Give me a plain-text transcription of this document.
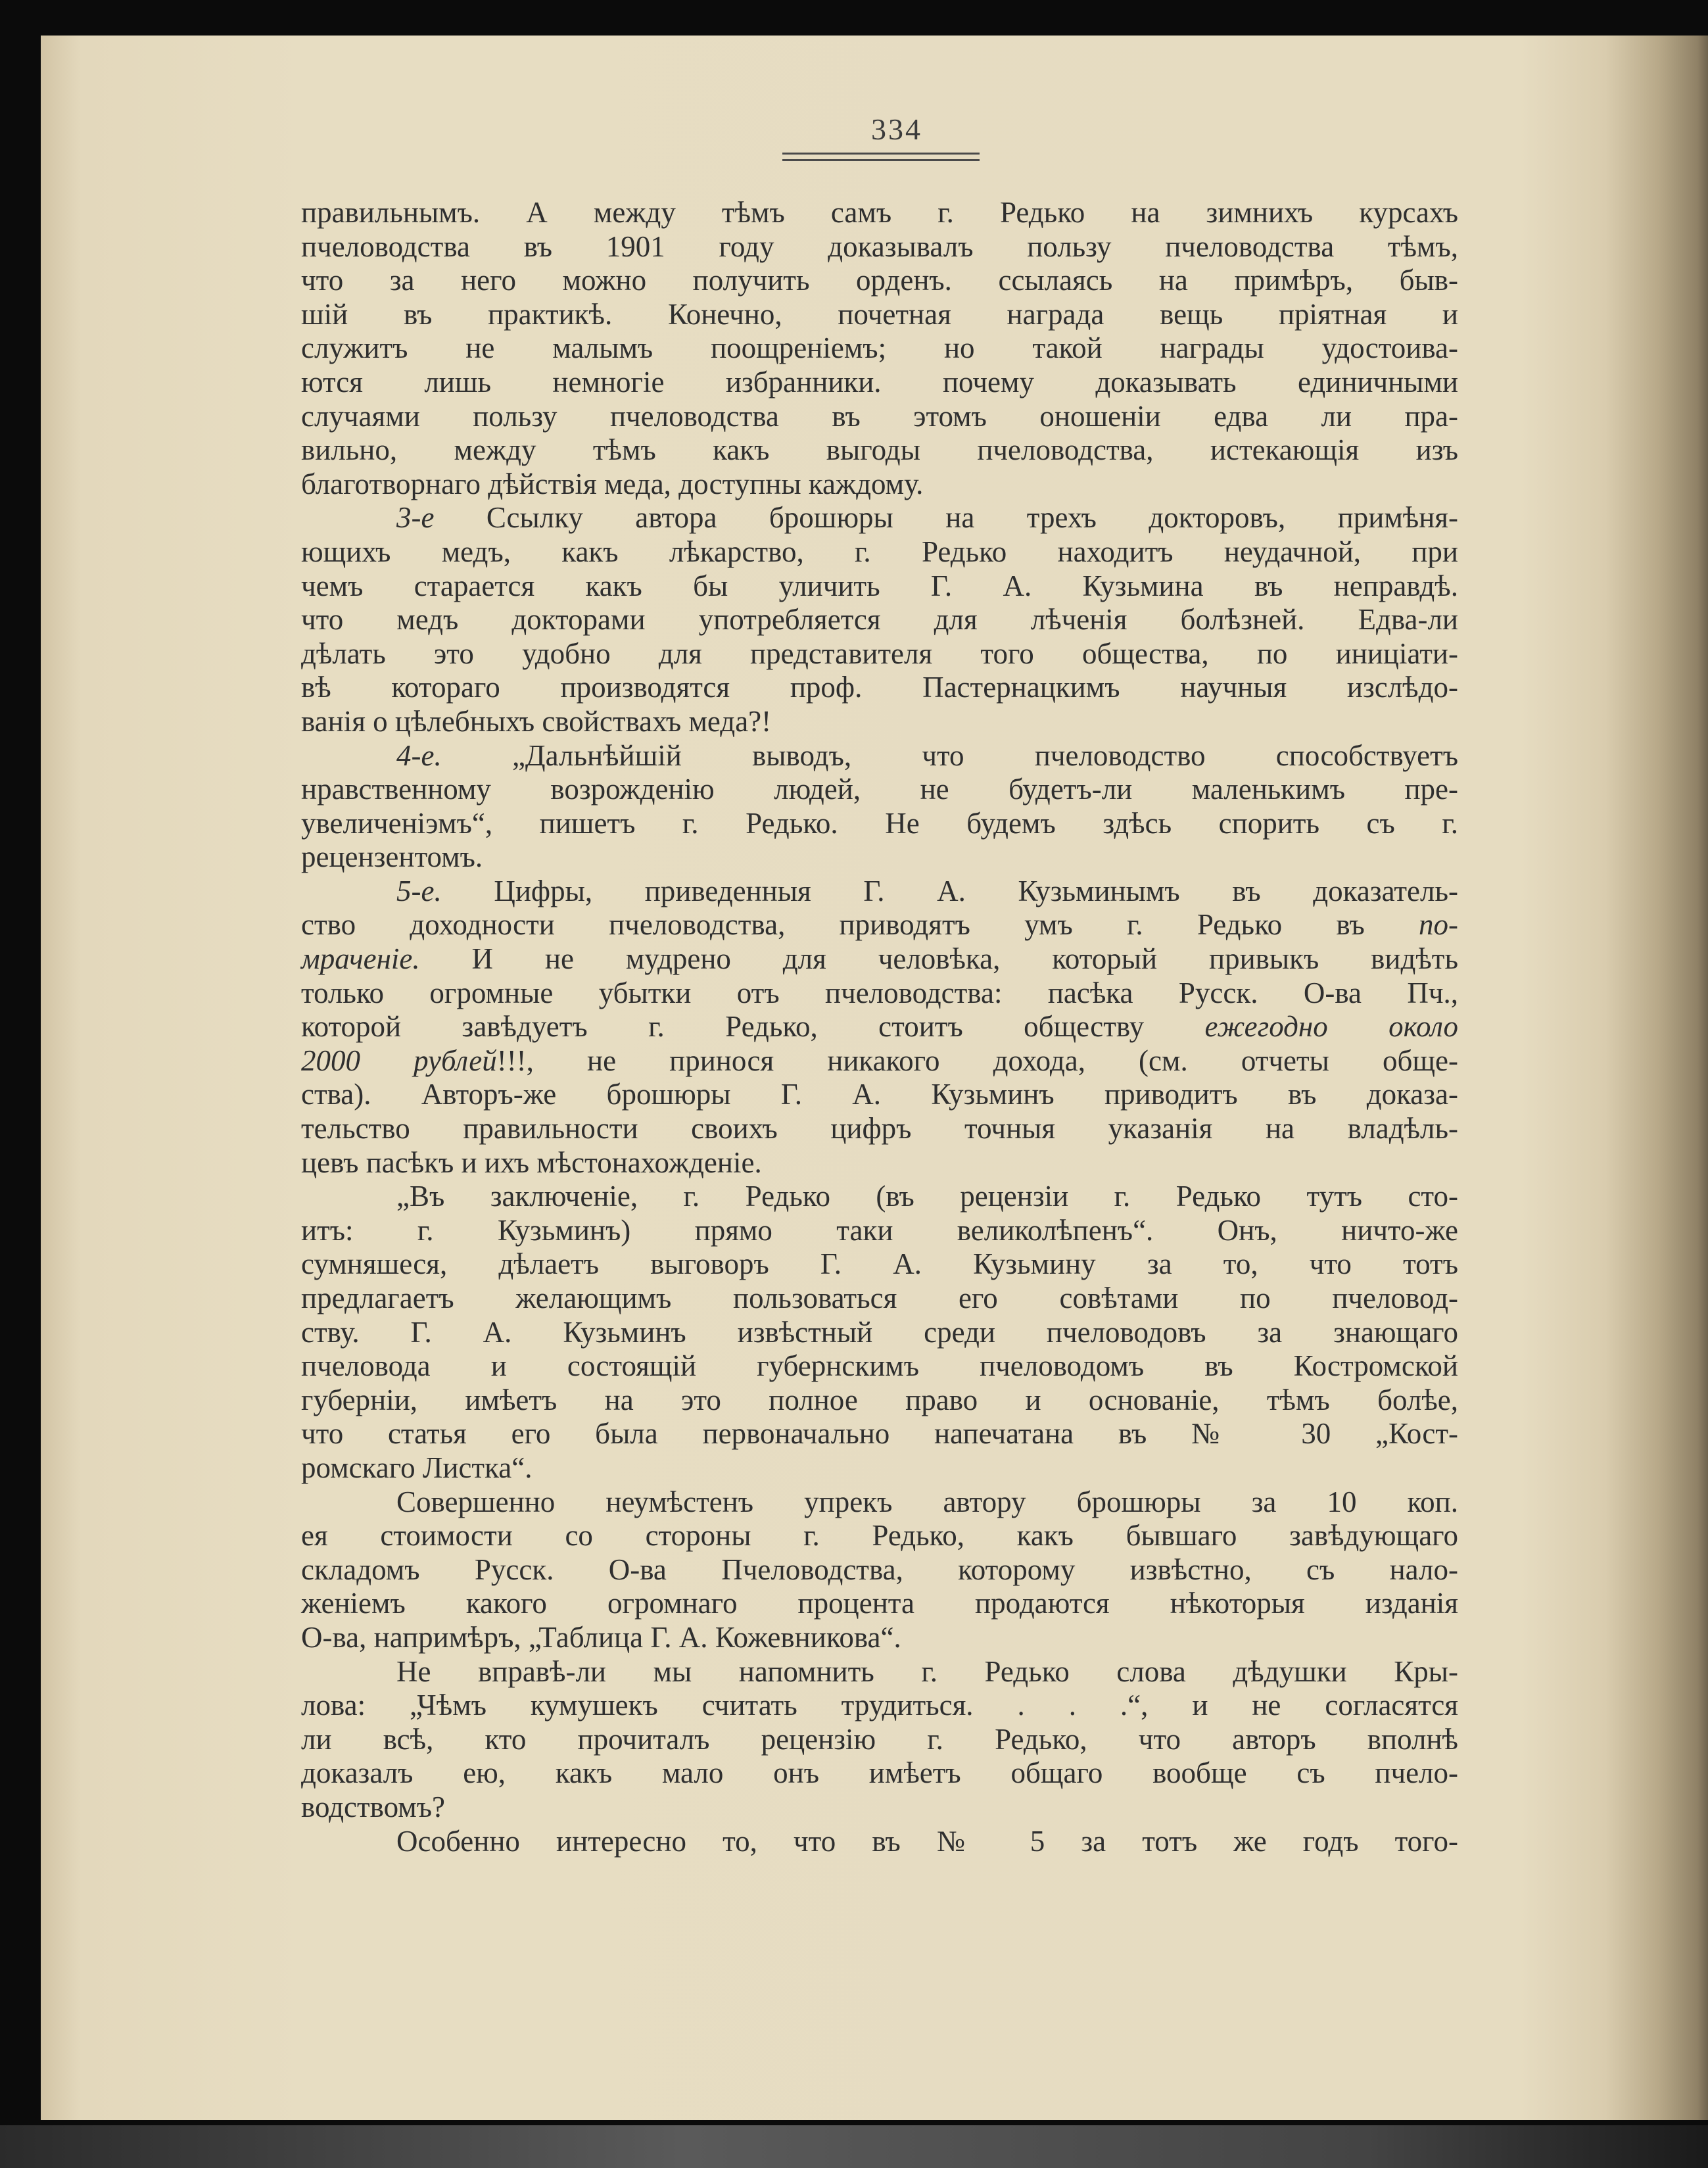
334
правильнымъ. А между тѣмъ самъ г. Редько на зимнихъ курсахъ
пчеловодства въ 1901 году доказывалъ пользу пчеловодства тѣмъ,
что за него можно получить орденъ. ссылаясь на примѣръ, быв-
шій въ практикѣ. Конечно, почетная награда вещь пріятная и
служитъ не малымъ поощреніемъ; но такой награды удостоива-
ются лишь немногіе избранники. почему доказывать единичными
случаями пользу пчеловодства въ этомъ оношеніи едва ли пра-
вильно, между тѣмъ какъ выгоды пчеловодства, истекающія изъ
благотворнаго дѣйствія меда, доступны каждому.
3-е Ссылку автора брошюры на трехъ докторовъ, примѣня-
ющихъ медъ, какъ лѣкарство, г. Редько находитъ неудачной, при
чемъ старается какъ бы уличить Г. А. Кузьмина въ неправдѣ.
что медъ докторами употребляется для лѣченія болѣзней. Едва-ли
дѣлать это удобно для представителя того общества, по иниціати-
вѣ котораго производятся проф. Пастернацкимъ научныя изслѣдо-
ванія о цѣлебныхъ свойствахъ меда?!
4-е. „Дальнѣйшій выводъ, что пчеловодство способствуетъ
нравственному возрожденію людей, не будетъ-ли маленькимъ пре-
увеличеніэмъ“, пишетъ г. Редько. Не будемъ здѣсь спорить съ г.
рецензентомъ.
5-е. Цифры, приведенныя Г. А. Кузьминымъ въ доказатель-
ство доходности пчеловодства, приводятъ умъ г. Редько въ по-
мраченіе. И не мудрено для человѣка, который привыкъ видѣть
только огромные убытки отъ пчеловодства: пасѣка Русск. О-ва Пч.,
которой завѣдуетъ г. Редько, стоитъ обществу ежегодно около
2000 рублей!!!, не принося никакого дохода, (см. отчеты обще-
ства). Авторъ-же брошюры Г. А. Кузьминъ приводитъ въ доказа-
тельство правильности своихъ цифръ точныя указанія на владѣль-
цевъ пасѣкъ и ихъ мѣстонахожденіе.
„Въ заключеніе, г. Редько (въ рецензіи г. Редько тутъ сто-
итъ: г. Кузьминъ) прямо таки великолѣпенъ“. Онъ, ничто-же
сумняшеся, дѣлаетъ выговоръ Г. А. Кузьмину за то, что тотъ
предлагаетъ желающимъ пользоваться его совѣтами по пчеловод-
ству. Г. А. Кузьминъ извѣстный среди пчеловодовъ за знающаго
пчеловода и состоящій губернскимъ пчеловодомъ въ Костромской
губерніи, имѣетъ на это полное право и основаніе, тѣмъ болѣе,
что статья его была первоначально напечатана въ № 30 „Кост-
ромскаго Листка“.
Совершенно неумѣстенъ упрекъ автору брошюры за 10 коп.
ея стоимости со стороны г. Редько, какъ бывшаго завѣдующаго
складомъ Русск. О-ва Пчеловодства, которому извѣстно, съ нало-
женіемъ какого огромнаго процента продаются нѣкоторыя изданія
О-ва, напримѣръ, „Таблица Г. А. Кожевникова“.
Не вправѣ-ли мы напомнить г. Редько слова дѣдушки Кры-
лова: „Чѣмъ кумушекъ считать трудиться. . . .“, и не согласятся
ли всѣ, кто прочиталъ рецензію г. Редько, что авторъ вполнѣ
доказалъ ею, какъ мало онъ имѣетъ общаго вообще съ пчело-
водствомъ?
Особенно интересно то, что въ № 5 за тотъ же годъ того-
